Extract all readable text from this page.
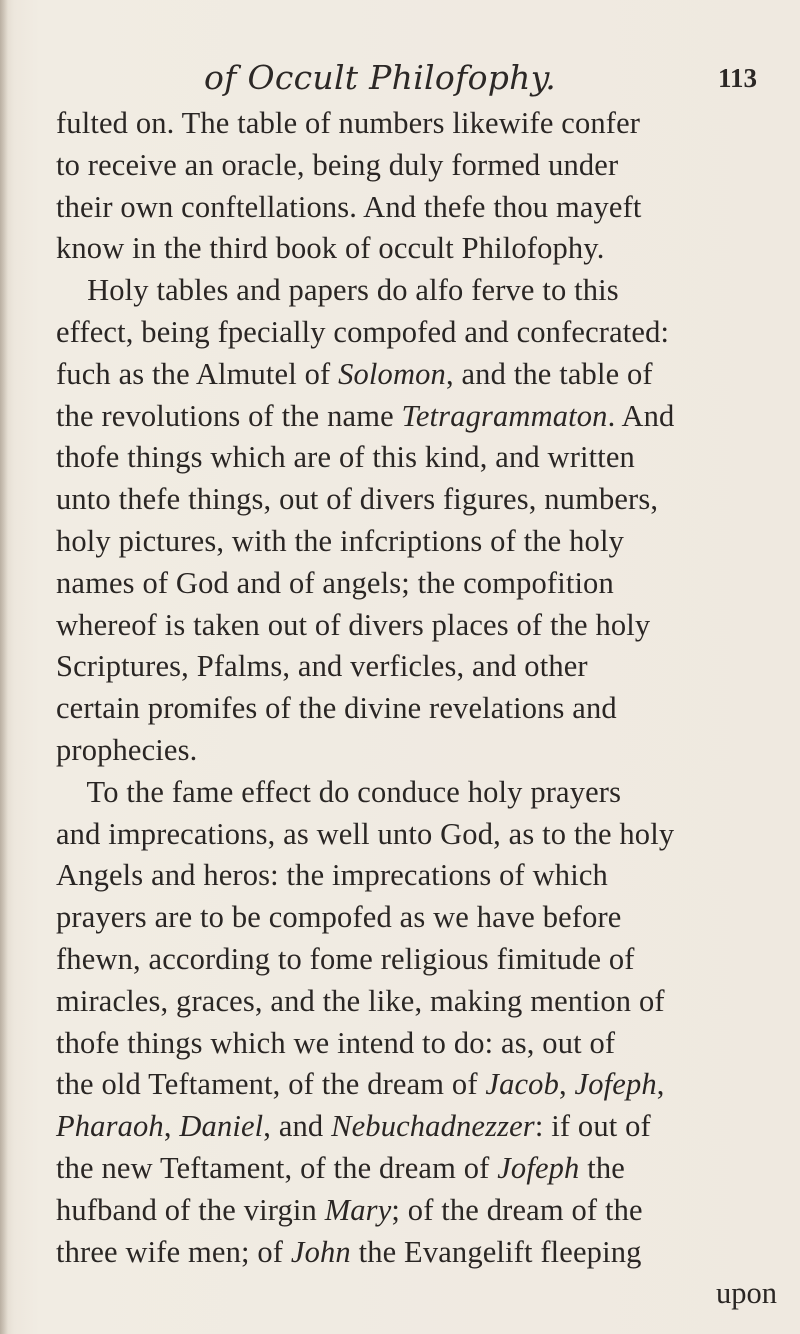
of Occult Philofophy.	113
fulted on. The table of numbers likewife confer
to receive an oracle, being duly formed under
their own conftellations. And thefe thou mayeft
know in the third book of occult Philofophy.
Holy tables and papers do alfo ferve to this
effect, being fpecially compofed and confecrated:
fuch as the Almutel of Solomon, and the table of
the revolutions of the name Tetragrammaton. And
thofe things which are of this kind, and written
unto thefe things, out of divers figures, numbers,
holy pictures, with the infcriptions of the holy
names of God and of angels; the compofition
whereof is taken out of divers places of the holy
Scriptures, Pfalms, and verficles, and other
certain promifes of the divine revelations and
prophecies.
To the fame effect do conduce holy prayers
and imprecations, as well unto God, as to the holy
Angels and heros: the imprecations of which
prayers are to be compofed as we have before
fhewn, according to fome religious fimitude of
miracles, graces, and the like, making mention of
thofe things which we intend to do: as, out of
the old Teftament, of the dream of Jacob, Jofeph,
Pharaoh, Daniel, and Nebuchadnezzer: if out of
the new Teftament, of the dream of Jofeph the
hufband of the virgin Mary; of the dream of the
three wife men; of John the Evangelift fleeping
upon
